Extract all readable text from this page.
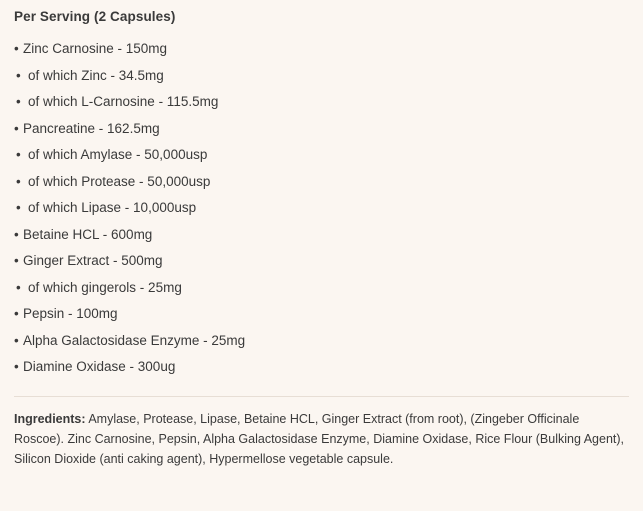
Per Serving (2 Capsules)
• Zinc Carnosine - 150mg
• of which Zinc - 34.5mg
• of which L-Carnosine - 115.5mg
• Pancreatine - 162.5mg
• of which Amylase - 50,000usp
• of which Protease - 50,000usp
• of which Lipase - 10,000usp
• Betaine HCL - 600mg
• Ginger Extract - 500mg
• of which gingerols - 25mg
• Pepsin - 100mg
• Alpha Galactosidase Enzyme - 25mg
• Diamine Oxidase - 300ug

Ingredients: Amylase, Protease, Lipase, Betaine HCL, Ginger Extract (from root), (Zingeber Officinale Roscoe). Zinc Carnosine, Pepsin, Alpha Galactosidase Enzyme, Diamine Oxidase, Rice Flour (Bulking Agent), Silicon Dioxide (anti caking agent), Hypermellose vegetable capsule.
